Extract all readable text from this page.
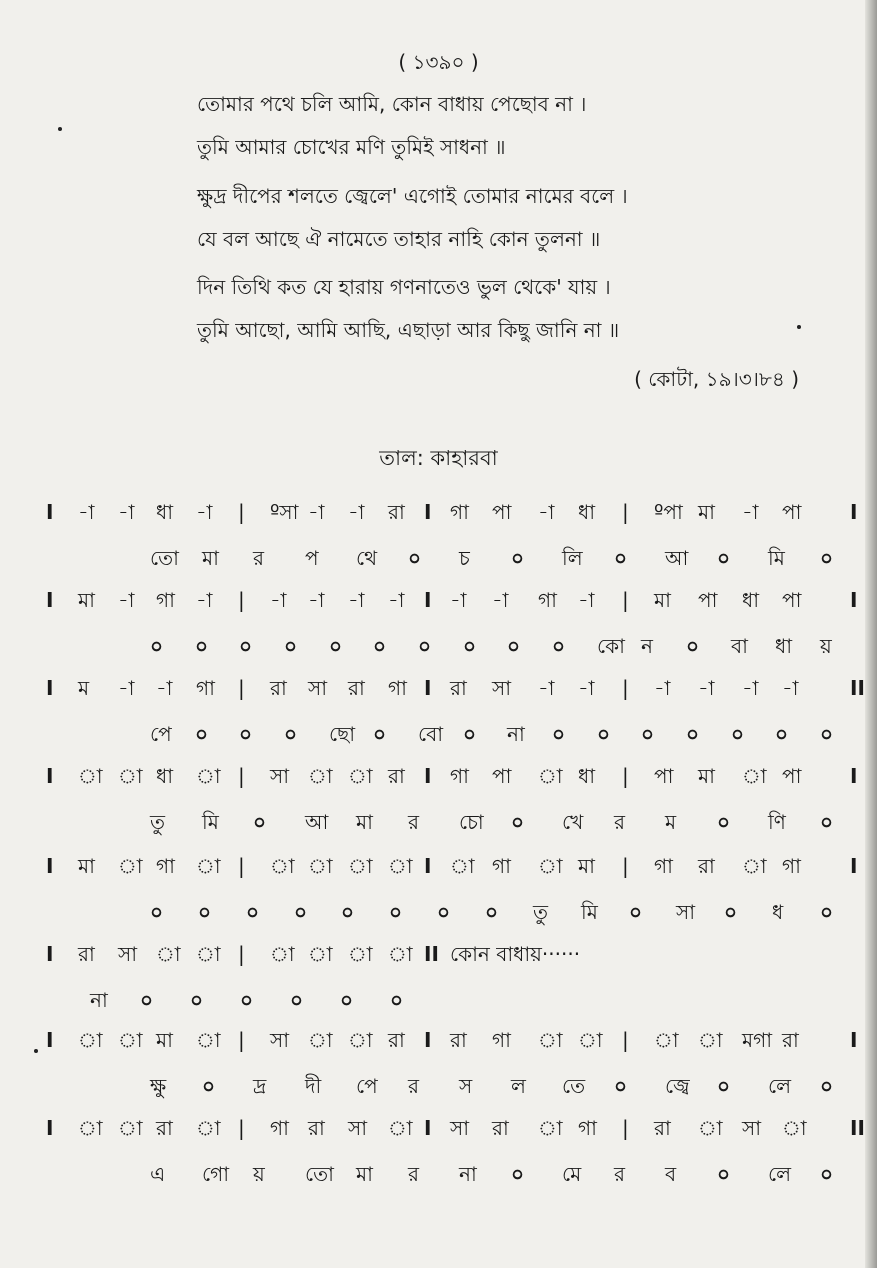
( ১৩৯০ )
তোমার পথে চলি আমি, কোন বাধায় পেছোব না ।
তুমি আমার চোখের মণি তুমিই সাধনা ॥
ক্ষুদ্র দীপের শলতে জ্বেলে' এগোই তোমার নামের বলে ।
যে বল আছে ঐ নামেতে তাহার নাহি কোন তুলনা ॥
দিন তিথি কত যে হারায় গণনাতেও ভুল থেকে' যায় ।
তুমি আছো, আমি আছি, এছাড়া আর কিছু জানি না ॥
( কোটা, ১৯।৩।৮৪ )
তাল: কাহারবা
I -া -া ধা -া | ºসা -া -া রা I গা পা -া ধা | ºপা মা -া পা I
তো মা র প থে ০ চ ০ লি ০ আ ০ মি ০
I মা -া গা -া | -া -া -া -া I -া -া গা -া | মা পা ধা পা I
০ ০ ০ ০ ০ ০ ০ ০ ০ ০ কো ন ০ বা ধা য়
I ম -া -া গা | রা সা রা গা I রা সা -া -া | -া -া -া -া	II
পে ০ ০ ০ ছো ০ বো ০ না ০ ০ ০ ০ ০ ০ ০
I া া ধা া | সা া া রা I গা পা া ধা | পা মা া পা I
তু মি ০ আ মা র চো ০ খে র ম ০ ণি ০
I মা া গা া | া া া া I া গা া মা | গা রা া গা I
০ ০ ০ ০ ০ ০ ০ ০ তু মি ০ সা ০ ধ ০
I রা সা া া | া া া া II কোন বাধায়······
না ০ ০ ০ ০ ০ ০
I া া মা া | সা া া রা I রা গা া া | া া মগা রা	I
ক্ষু ০ দ্র দী পে র স ল তে ০ জ্বে ০ লে ০
I া া রা া | গা রা সা া I সা রা া গা | রা া সা া II
এ গো য় তো মা র না ০ মে র ব ০ লে ০
